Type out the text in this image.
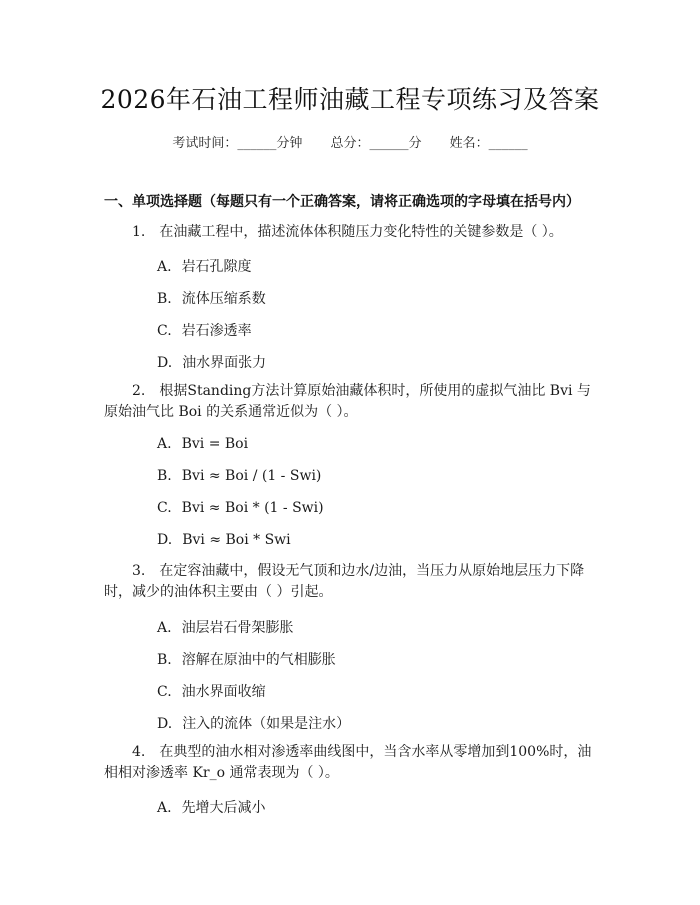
2026年石油工程师油藏工程专项练习及答案
考试时间：______分钟 总分：______分 姓名：______
一、单项选择题（每题只有一个正确答案，请将正确选项的字母填在括号内）
1. 在油藏工程中，描述流体体积随压力变化特性的关键参数是（ ）。
A. 岩石孔隙度
B. 流体压缩系数
C. 岩石渗透率
D. 油水界面张力
2. 根据Standing方法计算原始油藏体积时，所使用的虚拟气油比 Bvi 与原始油气比 Boi 的关系通常近似为（ ）。
A. Bvi = Boi
B. Bvi ≈ Boi / (1 - Swi)
C. Bvi ≈ Boi * (1 - Swi)
D. Bvi ≈ Boi * Swi
3. 在定容油藏中，假设无气顶和边水/边油，当压力从原始地层压力下降时，减少的油体积主要由（ ）引起。
A. 油层岩石骨架膨胀
B. 溶解在原油中的气相膨胀
C. 油水界面收缩
D. 注入的流体（如果是注水）
4. 在典型的油水相对渗透率曲线图中，当含水率从零增加到100%时，油相相对渗透率 Kr_o 通常表现为（ ）。
A. 先增大后减小
